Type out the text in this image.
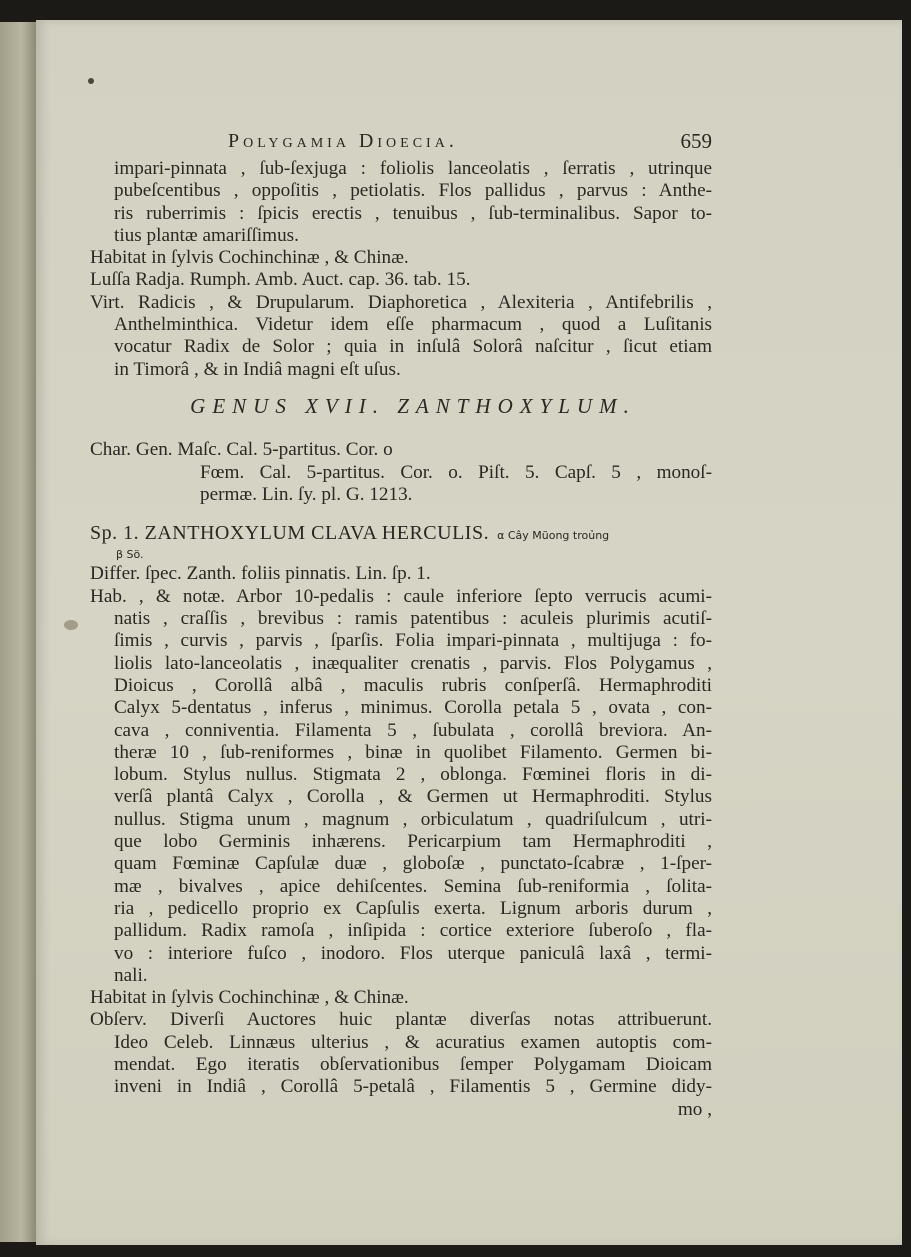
Polygamia Dioecia.	659
impari-pinnata , ſub-ſexjuga : foliolis lanceolatis , ſerratis , utrinque
pubeſcentibus , oppoſitis , petiolatis. Flos pallidus , parvus : Anthe-
ris ruberrimis : ſpicis erectis , tenuibus , ſub-terminalibus. Sapor to-
tius plantæ amariſſimus.
Habitat in ſylvis Cochinchinæ , & Chinæ.
Luſſa Radja. Rumph. Amb. Auct. cap. 36. tab. 15.
Virt. Radicis , & Drupularum. Diaphoretica , Alexiteria , Antifebrilis ,
Anthelminthica. Videtur idem eſſe pharmacum , quod a Luſitanis
vocatur Radix de Solor ; quia in inſulâ Solorâ naſcitur , ſicut etiam
in Timorâ , & in Indiâ magni eſt uſus.
GENUS XVII. ZANTHOXYLUM.
Char. Gen. Maſc. Cal. 5-partitus. Cor. o
Fœm. Cal. 5-partitus. Cor. o. Piſt. 5. Capſ. 5 , monoſ-
permæ. Lin. ſy. pl. G. 1213.
Sp. 1. ZANTHOXYLUM CLAVA HERCULIS. α Cây Mũong troủng
β Sö.
Differ. ſpec. Zanth. foliis pinnatis. Lin. ſp. 1.
Hab. , & notæ. Arbor 10-pedalis : caule inferiore ſepto verrucis acumi-
natis , craſſis , brevibus : ramis patentibus : aculeis plurimis acutiſ-
ſimis , curvis , parvis , ſparſis. Folia impari-pinnata , multijuga : fo-
liolis lato-lanceolatis , inæqualiter crenatis , parvis. Flos Polygamus ,
Dioicus , Corollâ albâ , maculis rubris conſperſâ. Hermaphroditi
Calyx 5-dentatus , inferus , minimus. Corolla petala 5 , ovata , con-
cava , conniventia. Filamenta 5 , ſubulata , corollâ breviora. An-
theræ 10 , ſub-reniformes , binæ in quolibet Filamento. Germen bi-
lobum. Stylus nullus. Stigmata 2 , oblonga. Fœminei floris in di-
verſâ plantâ Calyx , Corolla , & Germen ut Hermaphroditi. Stylus
nullus. Stigma unum , magnum , orbiculatum , quadriſulcum , utri-
que lobo Germinis inhærens. Pericarpium tam Hermaphroditi ,
quam Fœminæ Capſulæ duæ , globoſæ , punctato-ſcabræ , 1-ſper-
mæ , bivalves , apice dehiſcentes. Semina ſub-reniformia , ſolita-
ria , pedicello proprio ex Capſulis exerta. Lignum arboris durum ,
pallidum. Radix ramoſa , inſipida : cortice exteriore ſuberoſo , fla-
vo : interiore fuſco , inodoro. Flos uterque paniculâ laxâ , termi-
nali.
Habitat in ſylvis Cochinchinæ , & Chinæ.
Obſerv. Diverſi Auctores huic plantæ diverſas notas attribuerunt.
Ideo Celeb. Linnæus ulterius , & acuratius examen autoptis com-
mendat. Ego iteratis obſervationibus ſemper Polygamam Dioicam
inveni in Indiâ , Corollâ 5-petalâ , Filamentis 5 , Germine didy-
mo ,
